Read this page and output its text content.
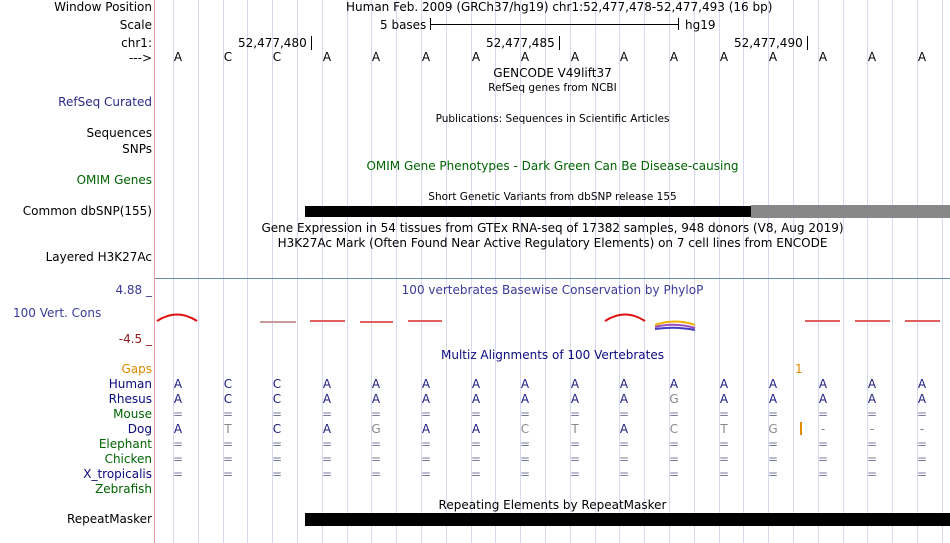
Window Position	Human Feb. 2009 (GRCh37/hg19) chr1:52,477,478-52,477,493 (16 bp)
Scale	5 bases	hg19
chr1:	52,477,480	52,477,485	52,477,490
--->	A	C	C	A	A	A	A	A	A	A	A	A	A	A	A	A
GENCODE V49lift37
RefSeq genes from NCBI
RefSeq Curated
Publications: Sequences in Scientific Articles
Sequences
SNPs
OMIM Gene Phenotypes - Dark Green Can Be Disease-causing
OMIM Genes
Short Genetic Variants from dbSNP release 155
Common dbSNP(155)
Gene Expression in 54 tissues from GTEx RNA-seq of 17382 samples, 948 donors (V8, Aug 2019)
H3K27Ac Mark (Often Found Near Active Regulatory Elements) on 7 cell lines from ENCODE
Layered H3K27Ac
4.88 _	100 vertebrates Basewise Conservation by PhyloP
100 Vert. Cons
-4.5 _
Multiz Alignments of 100 Vertebrates
Gaps	1
Human	A	C	C	A	A	A	A	A	A	A	A	A	A	A	A	A
Rhesus	A	C	C	A	A	A	A	A	A	A	G	A	A	A	A	A
Mouse	=	=	=	=	=	=	=	=	=	=	=	=	=	=	=	=
Dog	A	T	C	A	G	A	A	C	T	A	C	T	G	-	-	-
Elephant	=	=	=	=	=	=	=	=	=	=	=	=	=	=	=	=
Chicken	=	=	=	=	=	=	=	=	=	=	=	=	=	=	=	=
X_tropicalis	=	=	=	=	=	=	=	=	=	=	=	=	=	=	=	=
Zebrafish
Repeating Elements by RepeatMasker
RepeatMasker
